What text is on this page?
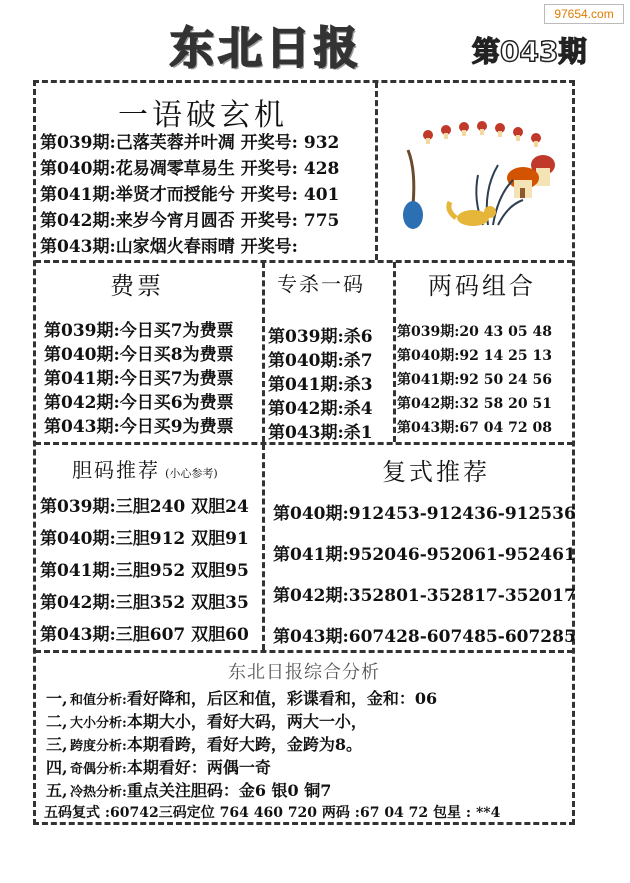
97654.com
东北日报	第043期
一语破玄机
第039期:己落芙蓉并叶凋 开奖号: 932
第040期:花易凋零草易生 开奖号: 428
第041期:举贤才而授能兮 开奖号: 401
第042期:来岁今宵月圆否 开奖号: 775
第043期:山家烟火春雨晴 开奖号:
费票
第039期:今日买7为费票
第040期:今日买8为费票
第041期:今日买7为费票
第042期:今日买6为费票
第043期:今日买9为费票
专杀一码
第039期:杀6
第040期:杀7
第041期:杀3
第042期:杀4
第043期:杀1
两码组合
第039期:20 43 05 48
第040期:92 14 25 13
第041期:92 50 24 56
第042期:32 58 20 51
第043期:67 04 72 08
胆码推荐 (小心参考)
第039期:三胆240 双胆24
第040期:三胆912 双胆91
第041期:三胆952 双胆95
第042期:三胆352 双胆35
第043期:三胆607 双胆60
复式推荐
第040期:912453-912436-912536
第041期:952046-952061-952461
第042期:352801-352817-352017
第043期:607428-607485-607285
东北日报综合分析
一, 和值分析:看好降和，后区和值，彩谍看和，金和：06
二, 大小分析:本期大小，看好大码，两大一小，
三, 跨度分析:本期看跨，看好大跨，金跨为8。
四, 奇偶分析:本期看好：两偶一奇
五, 冷热分析:重点关注胆码：金6 银0 铜7
五码复式 :60742三码定位 764 460 720 两码 :67 04 72 包星 : **4
